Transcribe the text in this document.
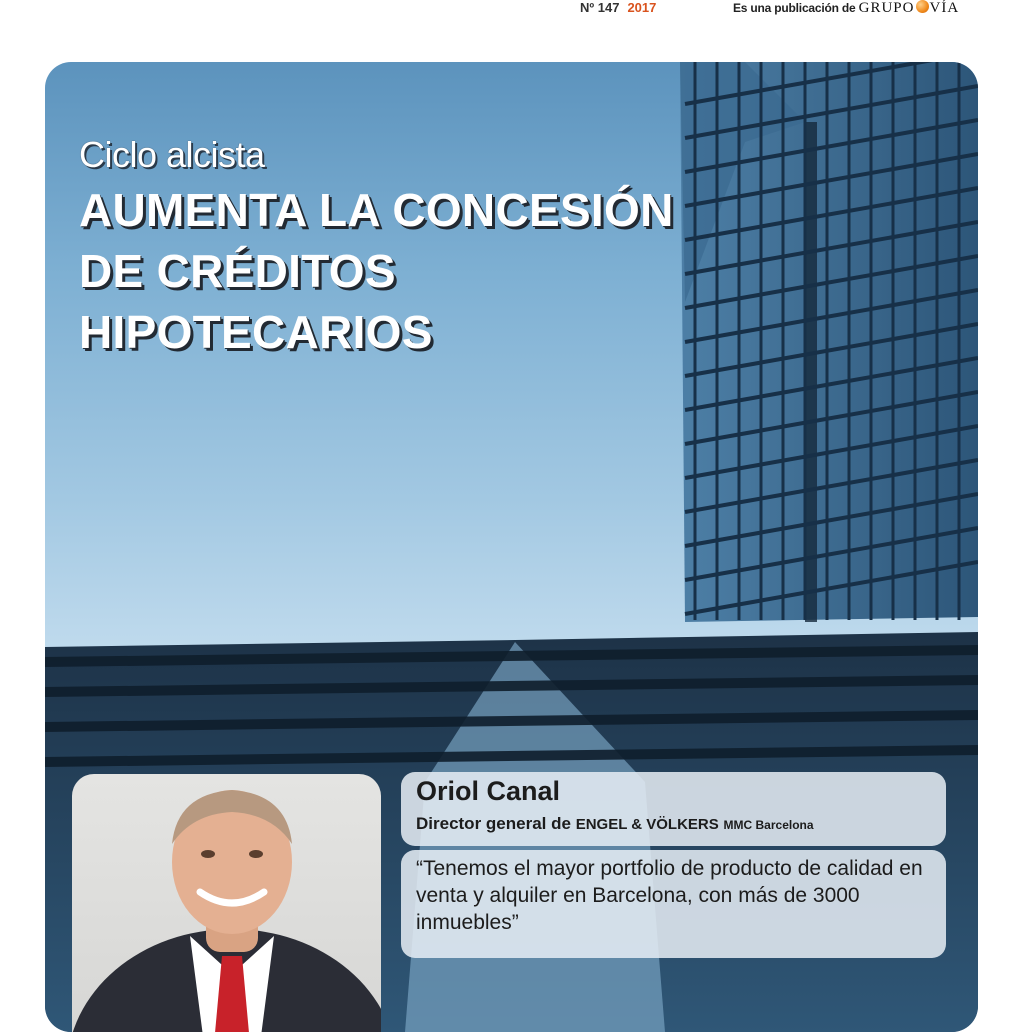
Nº 147 2017	Es una publicación de GRUPO VÍA
Ciclo alcista
AUMENTA LA CONCESIÓN
DE CRÉDITOS
HIPOTECARIOS
Oriol Canal
Director general de ENGEL & VÖLKERS MMC Barcelona
“Tenemos el mayor portfolio de producto de calidad en venta y alquiler en Barcelona, con más de 3000 inmuebles”
